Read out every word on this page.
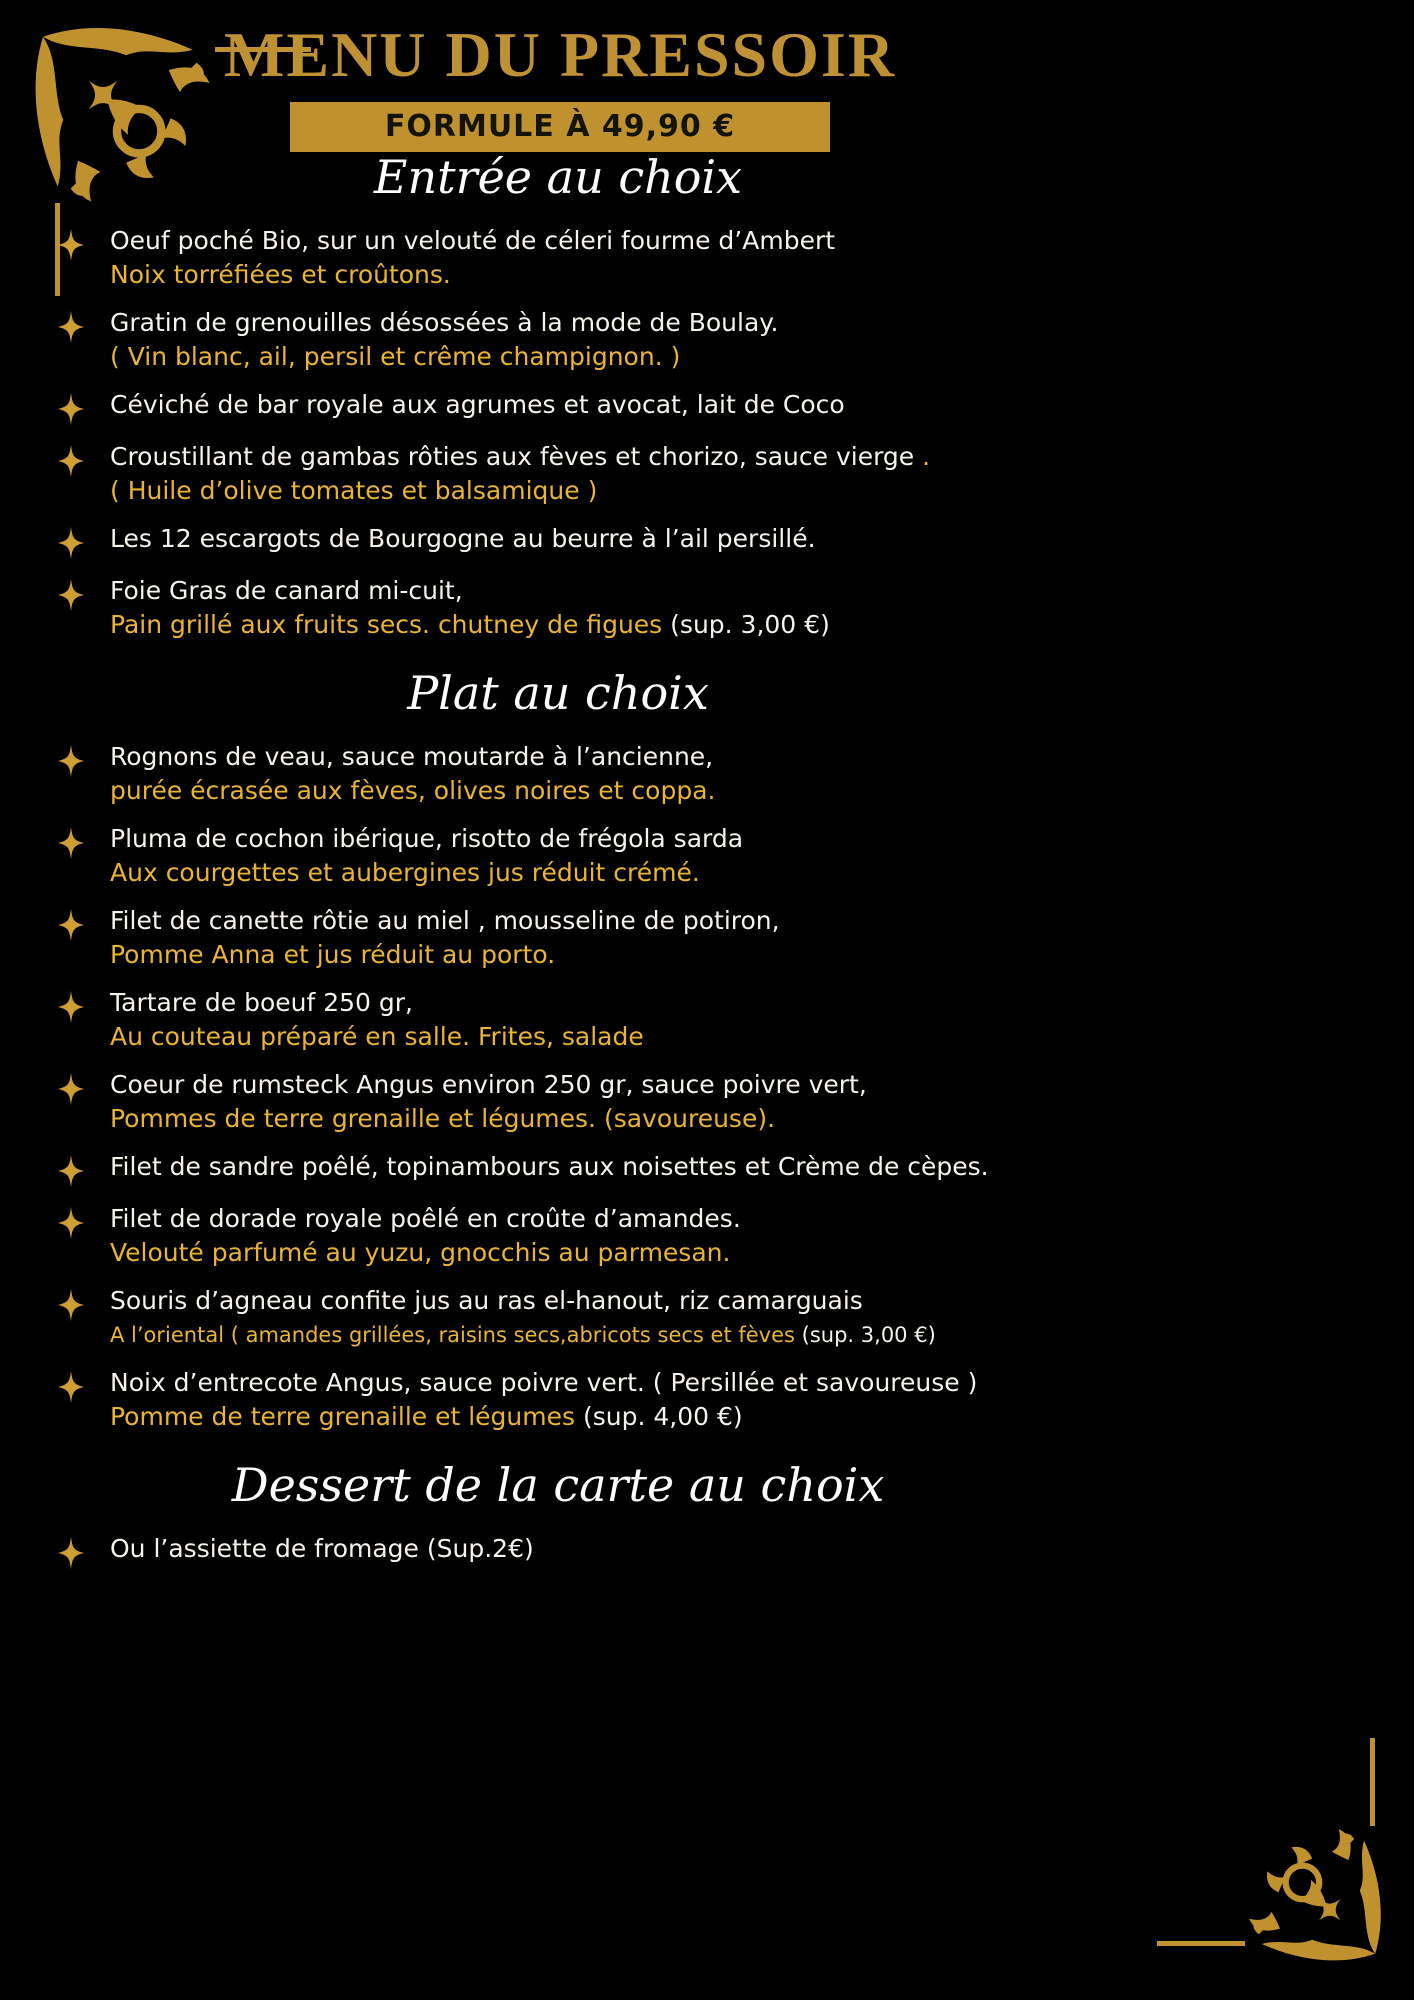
MENU DU PRESSOIR
FORMULE À 49,90 €
Entrée au choix
Oeuf poché Bio, sur un velouté de céleri fourme d’Ambert
Noix torréfiées et croûtons.
Gratin de grenouilles désossées à la mode de Boulay.
( Vin blanc, ail, persil et crême champignon. )
Céviché de bar royale aux agrumes et avocat, lait de Coco
Croustillant de gambas rôties aux fèves et chorizo, sauce vierge .
( Huile d’olive tomates et balsamique )
Les 12 escargots de Bourgogne au beurre à l’ail persillé.
Foie Gras de canard mi-cuit,
Pain grillé aux fruits secs. chutney de figues (sup. 3,00 €)
Plat au choix
Rognons de veau, sauce moutarde à l’ancienne,
purée écrasée aux fèves, olives noires et coppa.
Pluma de cochon ibérique, risotto de frégola sarda
Aux courgettes et aubergines jus réduit crémé.
Filet de canette rôtie au miel , mousseline de potiron,
Pomme Anna et jus réduit au porto.
Tartare de boeuf 250 gr,
Au couteau préparé en salle. Frites, salade
Coeur de rumsteck Angus environ 250 gr, sauce poivre vert,
Pommes de terre grenaille et légumes. (savoureuse).
Filet de sandre poêlé, topinambours aux noisettes et Crème de cèpes.
Filet de dorade royale poêlé en croûte d’amandes.
Velouté parfumé au yuzu, gnocchis au parmesan.
Souris d’agneau confite jus au ras el-hanout, riz camarguais
A l’oriental ( amandes grillées, raisins secs,abricots secs et fèves (sup. 3,00 €)
Noix d’entrecote Angus, sauce poivre vert. ( Persillée et savoureuse )
Pomme de terre grenaille et légumes (sup. 4,00 €)
Dessert de la carte au choix
Ou l’assiette de fromage (Sup.2€)
